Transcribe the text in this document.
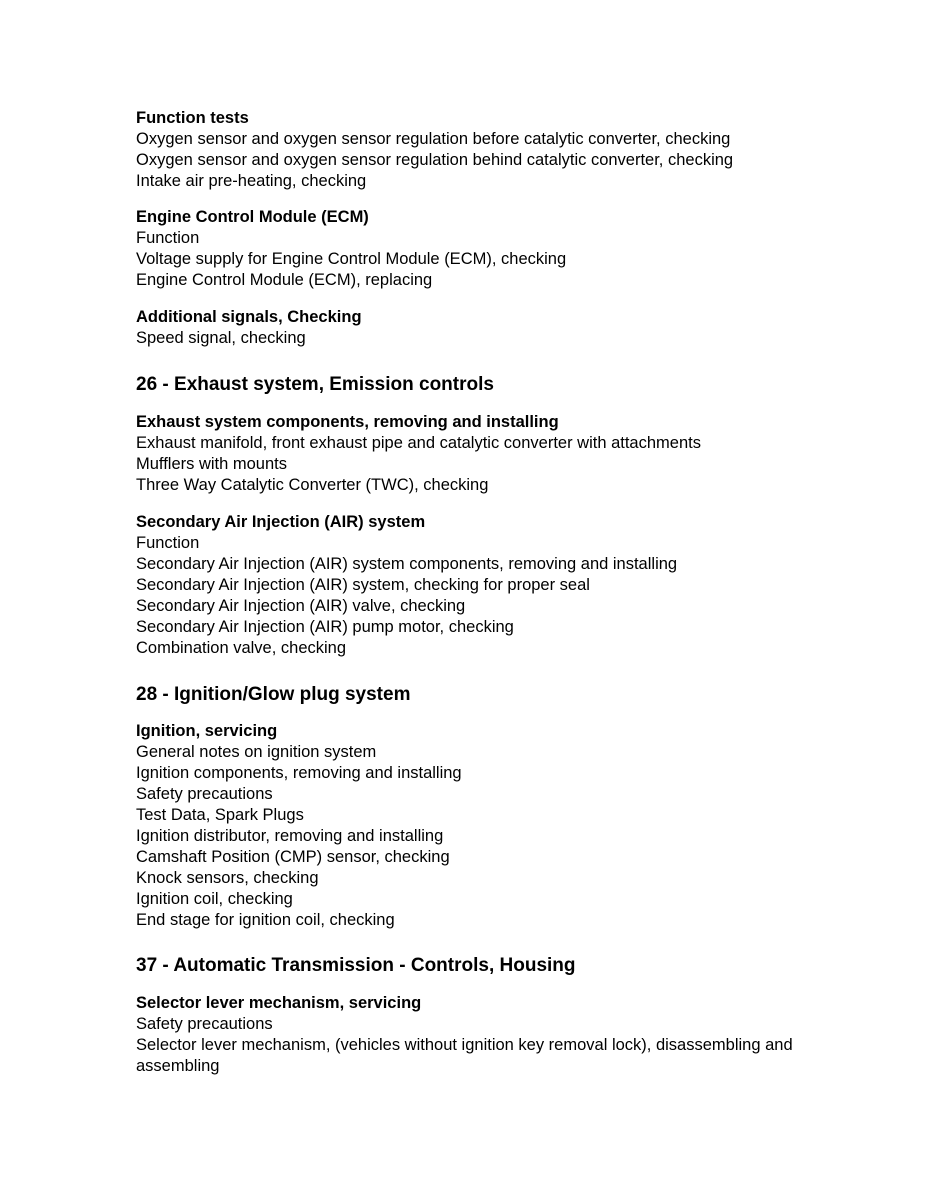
Function tests

Oxygen sensor and oxygen sensor regulation before catalytic converter, checking

Oxygen sensor and oxygen sensor regulation behind catalytic converter, checking

Intake air pre-heating, checking

Engine Control Module (ECM)

Function

Voltage supply for Engine Control Module (ECM), checking

Engine Control Module (ECM), replacing

Additional signals, Checking

Speed signal, checking

26 - Exhaust system, Emission controls

Exhaust system components, removing and installing

Exhaust manifold, front exhaust pipe and catalytic converter with attachments

Mufflers with mounts

Three Way Catalytic Converter (TWC), checking

Secondary Air Injection (AIR) system

Function

Secondary Air Injection (AIR) system components, removing and installing

Secondary Air Injection (AIR) system, checking for proper seal

Secondary Air Injection (AIR) valve, checking

Secondary Air Injection (AIR) pump motor, checking

Combination valve, checking

28 - Ignition/Glow plug system

Ignition, servicing

General notes on ignition system

Ignition components, removing and installing

Safety precautions

Test Data, Spark Plugs

Ignition distributor, removing and installing

Camshaft Position (CMP) sensor, checking

Knock sensors, checking

Ignition coil, checking

End stage for ignition coil, checking

37 - Automatic Transmission - Controls, Housing

Selector lever mechanism, servicing

Safety precautions

Selector lever mechanism, (vehicles without ignition key removal lock), disassembling and assembling
